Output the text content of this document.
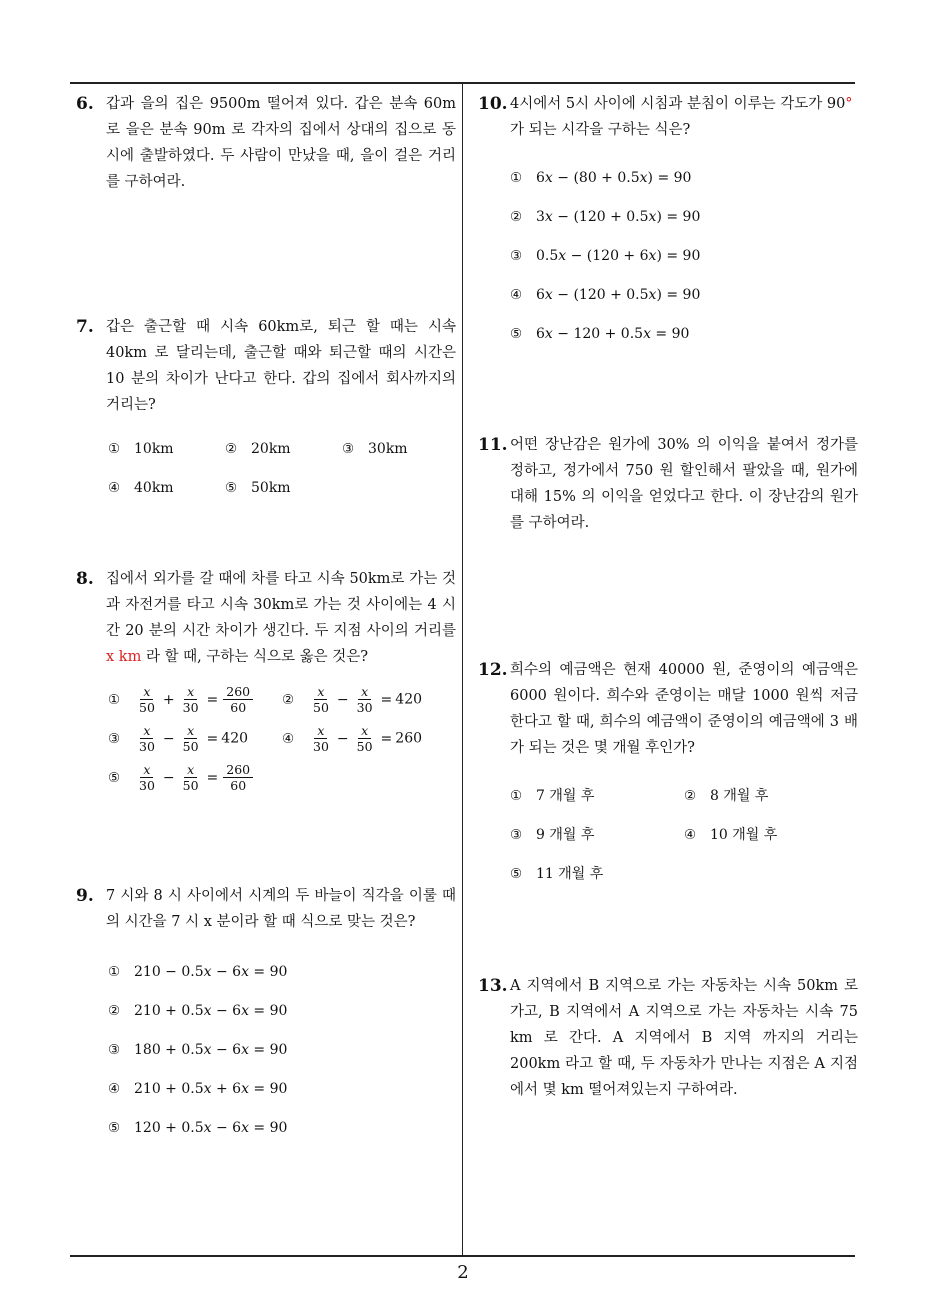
6. 갑과 을의 집은 9500m 떨어져 있다. 갑은 분속 60m 로 을은 분속 90m 로 각자의 집에서 상대의 집으로 동시에 출발하였다. 두 사람이 만났을 때, 을이 걸은 거리를 구하여라.
7. 갑은 출근할 때 시속 60km로, 퇴근 할 때는 시속 40km 로 달리는데, 출근할 때와 퇴근할 때의 시간은 10 분의 차이가 난다고 한다. 갑의 집에서 회사까지의 거리는?
① 10km	② 20km	③ 30km
④ 40km	⑤ 50km
8. 집에서 외가를 갈 때에 차를 타고 시속 50km로 가는 것과 자전거를 타고 시속 30km로 가는 것 사이에는 4 시간 20 분의 시간 차이가 생긴다. 두 지점 사이의 거리를 x km 라 할 때, 구하는 식으로 옳은 것은?
① $\frac{x}{50} + \frac{x}{30} = \frac{260}{60}$ ② $\frac{x}{50} - \frac{x}{30} = 420$
③ $\frac{x}{30} - \frac{x}{50} = 420$	④ $\frac{x}{30} - \frac{x}{50} = 260$
⑤ $\frac{x}{30} - \frac{x}{50} = \frac{260}{60}$
9. 7 시와 8 시 사이에서 시계의 두 바늘이 직각을 이룰 때의 시간을 7 시 x 분이라 할 때 식으로 맞는 것은?
① 210 − 0.5x − 6x = 90
② 210 + 0.5x − 6x = 90
③ 180 + 0.5x − 6x = 90
④ 210 + 0.5x + 6x = 90
⑤ 120 + 0.5x − 6x = 90
10. 4시에서 5시 사이에 시침과 분침이 이루는 각도가 90°
가 되는 시각을 구하는 식은?
① 6x − (80 + 0.5x) = 90
② 3x − (120 + 0.5x) = 90
③ 0.5x − (120 + 6x) = 90
④ 6x − (120 + 0.5x) = 90
⑤ 6x − 120 + 0.5x = 90
11. 어떤 장난감은 원가에 30% 의 이익을 붙여서 정가를 정하고, 정가에서 750 원 할인해서 팔았을 때, 원가에 대해 15% 의 이익을 얻었다고 한다. 이 장난감의 원가를 구하여라.
12. 희수의 예금액은 현재 40000 원, 준영이의 예금액은 6000 원이다. 희수와 준영이는 매달 1000 원씩 저금한다고 할 때, 희수의 예금액이 준영이의 예금액에 3 배가 되는 것은 몇 개월 후인가?
① 7 개월 후	② 8 개월 후
③ 9 개월 후	④ 10 개월 후
⑤ 11 개월 후
13. A 지역에서 B 지역으로 가는 자동차는 시속 50km 로 가고, B 지역에서 A 지역으로 가는 자동차는 시속 75 km 로 간다. A 지역에서 B 지역 까지의 거리는 200km 라고 할 때, 두 자동차가 만나는 지점은 A 지점에서 몇 km 떨어져있는지 구하여라.
2
